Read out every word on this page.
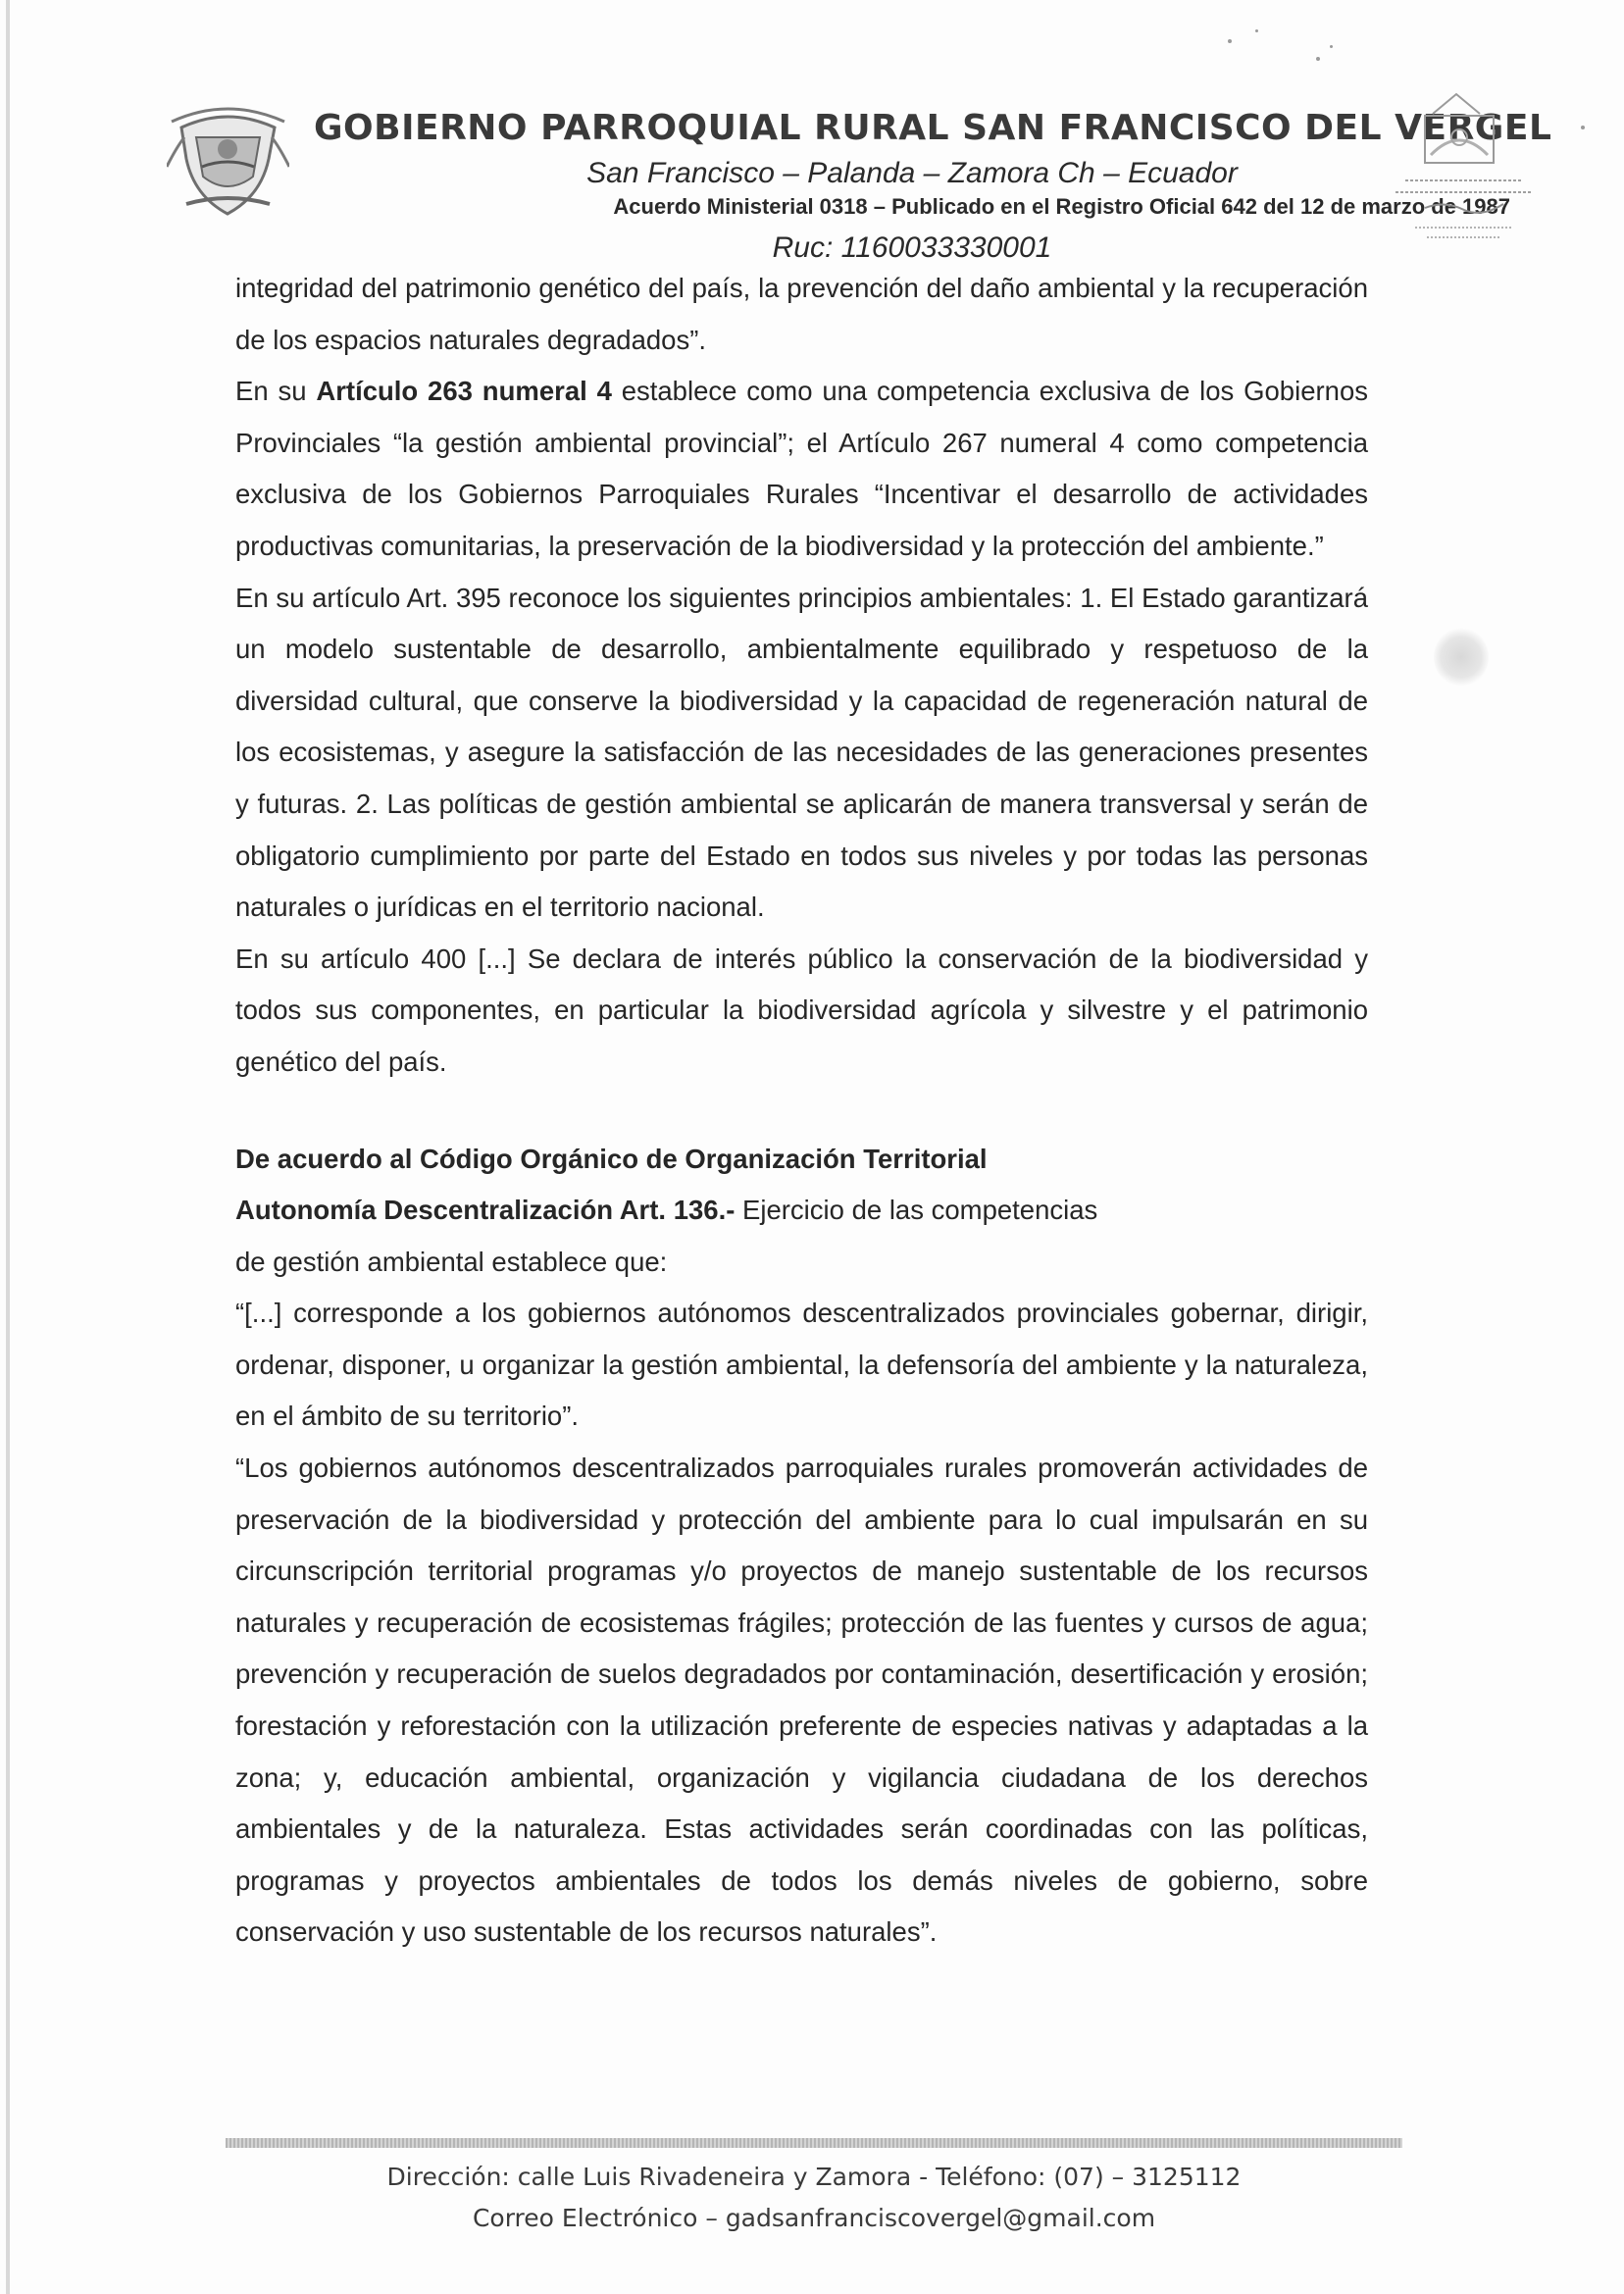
GOBIERNO PARROQUIAL RURAL SAN FRANCISCO DEL VERGEL
San Francisco – Palanda – Zamora Ch – Ecuador
Acuerdo Ministerial 0318 – Publicado en el Registro Oficial 642 del 12 de marzo de 1987
Ruc: 1160033330001

integridad del patrimonio genético del país, la prevención del daño ambiental y la recuperación de los espacios naturales degradados”.

En su Artículo 263 numeral 4 establece como una competencia exclusiva de los Gobiernos Provinciales “la gestión ambiental provincial”; el Artículo 267 numeral 4 como competencia exclusiva de los Gobiernos Parroquiales Rurales “Incentivar el desarrollo de actividades productivas comunitarias, la preservación de la biodiversidad y la protección del ambiente.”

En su artículo Art. 395 reconoce los siguientes principios ambientales: 1. El Estado garantizará un modelo sustentable de desarrollo, ambientalmente equilibrado y respetuoso de la diversidad cultural, que conserve la biodiversidad y la capacidad de regeneración natural de los ecosistemas, y asegure la satisfacción de las necesidades de las generaciones presentes y futuras. 2. Las políticas de gestión ambiental se aplicarán de manera transversal y serán de obligatorio cumplimiento por parte del Estado en todos sus niveles y por todas las personas naturales o jurídicas en el territorio nacional.

En su artículo 400 [...] Se declara de interés público la conservación de la biodiversidad y todos sus componentes, en particular la biodiversidad agrícola y silvestre y el patrimonio genético del país.

De acuerdo al Código Orgánico de Organización Territorial

Autonomía Descentralización Art. 136.- Ejercicio de las competencias

de gestión ambiental establece que:

“[...] corresponde a los gobiernos autónomos descentralizados provinciales gobernar, dirigir, ordenar, disponer, u organizar la gestión ambiental, la defensoría del ambiente y la naturaleza, en el ámbito de su territorio”.

“Los gobiernos autónomos descentralizados parroquiales rurales promoverán actividades de preservación de la biodiversidad y protección del ambiente para lo cual impulsarán en su circunscripción territorial programas y/o proyectos de manejo sustentable de los recursos naturales y recuperación de ecosistemas frágiles; protección de las fuentes y cursos de agua; prevención y recuperación de suelos degradados por contaminación, desertificación y erosión; forestación y reforestación con la utilización preferente de especies nativas y adaptadas a la zona; y, educación ambiental, organización y vigilancia ciudadana de los derechos ambientales y de la naturaleza. Estas actividades serán coordinadas con las políticas, programas y proyectos ambientales de todos los demás niveles de gobierno, sobre conservación y uso sustentable de los recursos naturales”.

Dirección: calle Luis Rivadeneira y Zamora - Teléfono: (07) – 3125112
Correo Electrónico – gadsanfranciscovergel@gmail.com
